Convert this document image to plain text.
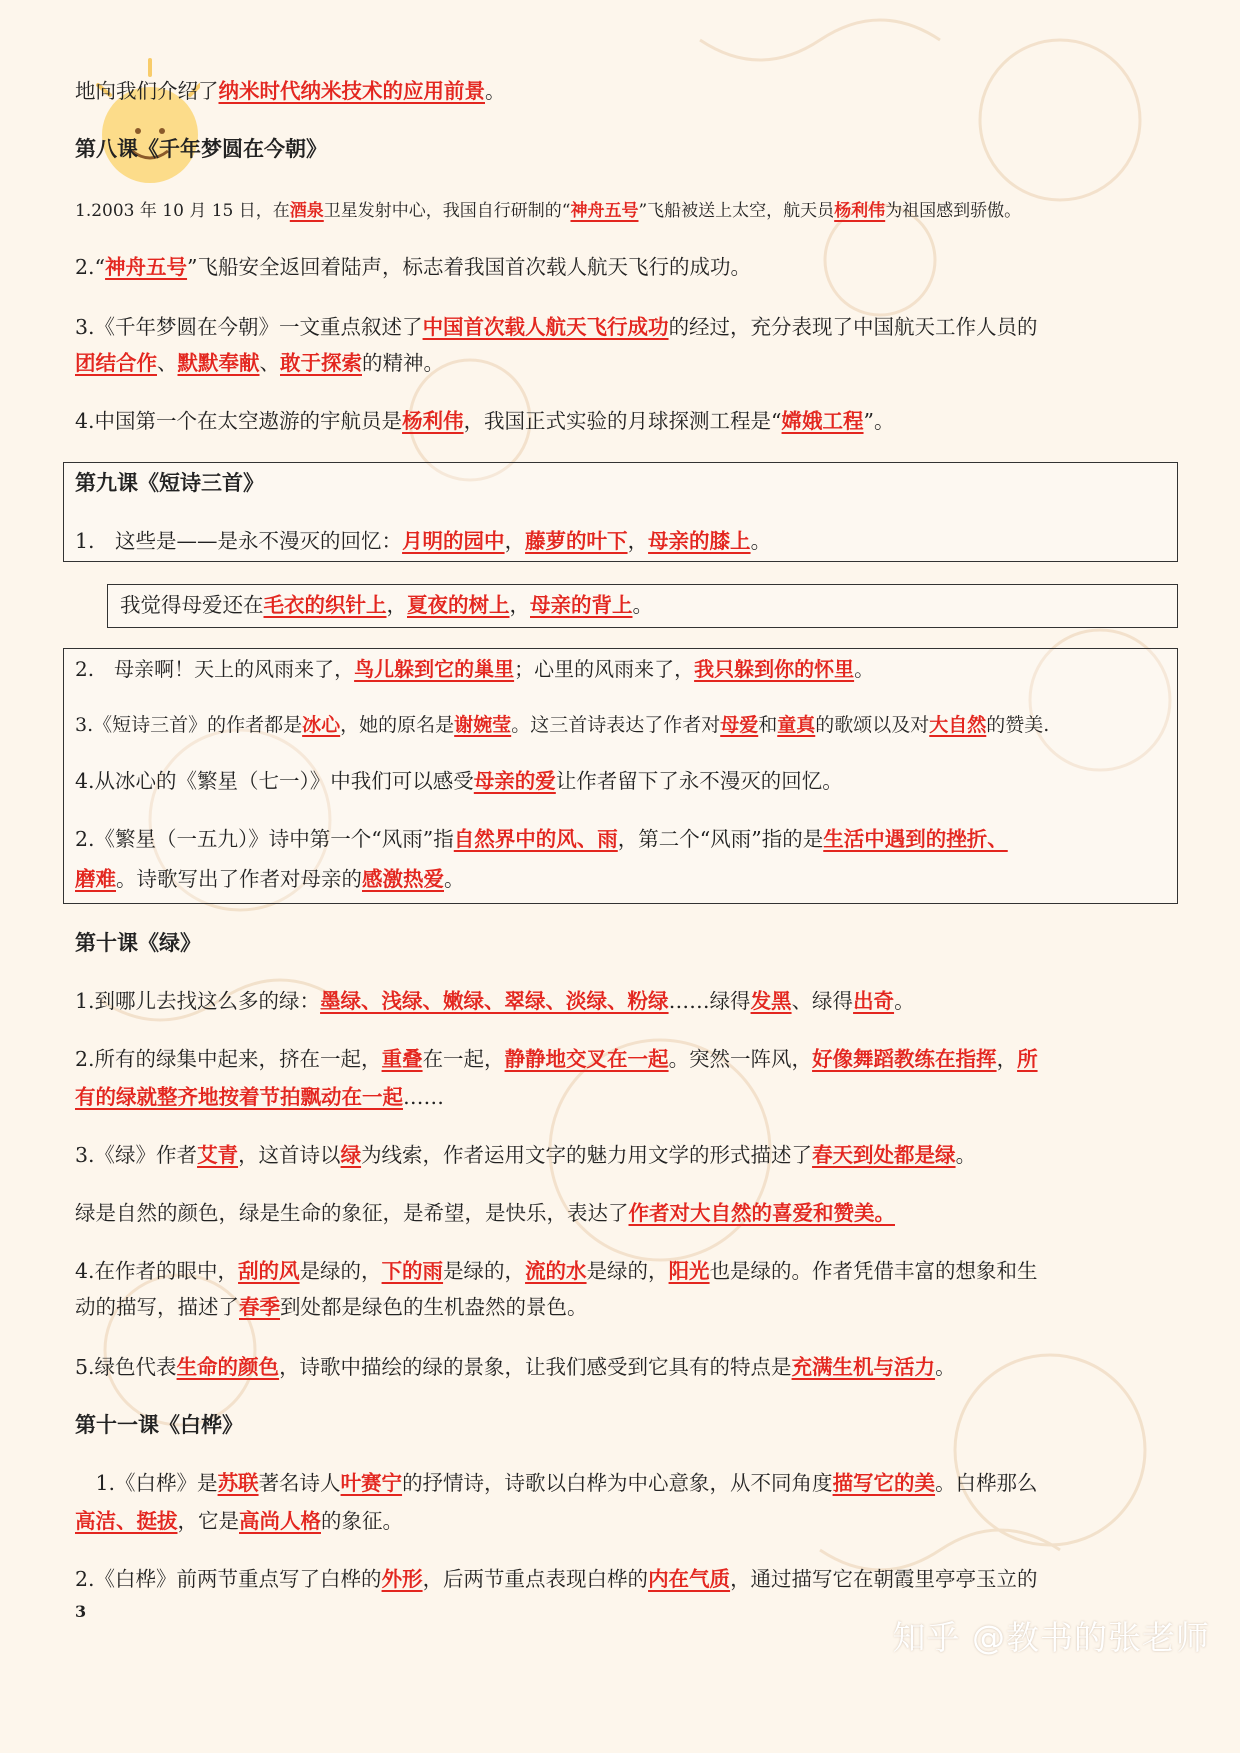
地向我们介绍了纳米时代纳米技术的应用前景。
第八课《千年梦圆在今朝》
1.2003 年 10 月 15 日，在酒泉卫星发射中心，我国自行研制的“神舟五号”飞船被送上太空，航天员杨利伟为祖国感到骄傲。
2.“神舟五号”飞船安全返回着陆声，标志着我国首次载人航天飞行的成功。
3.《千年梦圆在今朝》一文重点叙述了中国首次载人航天飞行成功的经过，充分表现了中国航天工作人员的
团结合作、默默奉献、敢于探索的精神。
4.中国第一个在太空遨游的宇航员是杨利伟，我国正式实验的月球探测工程是“嫦娥工程”。
第九课《短诗三首》
1.　这些是——是永不漫灭的回忆：月明的园中，藤萝的叶下，母亲的膝上。
我觉得母爱还在毛衣的织针上，夏夜的树上，母亲的背上。
2.　母亲啊！天上的风雨来了，鸟儿躲到它的巢里；心里的风雨来了，我只躲到你的怀里。
3.《短诗三首》的作者都是冰心，她的原名是谢婉莹。这三首诗表达了作者对母爱和童真的歌颂以及对大自然的赞美.
4.从冰心的《繁星（七一）》中我们可以感受母亲的爱让作者留下了永不漫灭的回忆。
2.《繁星（一五九）》诗中第一个“风雨”指自然界中的风、雨，第二个“风雨”指的是生活中遇到的挫折、
磨难。诗歌写出了作者对母亲的感激热爱。
第十课《绿》
1.到哪儿去找这么多的绿：墨绿、浅绿、嫩绿、翠绿、淡绿、粉绿……绿得发黑、绿得出奇。
2.所有的绿集中起来，挤在一起，重叠在一起，静静地交叉在一起。突然一阵风，好像舞蹈教练在指挥，所
有的绿就整齐地按着节拍飘动在一起……
3.《绿》作者艾青，这首诗以绿为线索，作者运用文字的魅力用文学的形式描述了春天到处都是绿。
绿是自然的颜色，绿是生命的象征，是希望，是快乐，表达了作者对大自然的喜爱和赞美。
4.在作者的眼中，刮的风是绿的，下的雨是绿的，流的水是绿的，阳光也是绿的。作者凭借丰富的想象和生
动的描写，描述了春季到处都是绿色的生机盎然的景色。
5.绿色代表生命的颜色，诗歌中描绘的绿的景象，让我们感受到它具有的特点是充满生机与活力。
第十一课《白桦》
　1.《白桦》是苏联著名诗人叶赛宁的抒情诗，诗歌以白桦为中心意象，从不同角度描写它的美。白桦那么
高洁、挺拔，它是高尚人格的象征。
2.《白桦》前两节重点写了白桦的外形，后两节重点表现白桦的内在气质，通过描写它在朝霞里亭亭玉立的
3
知乎 @教书的张老师
